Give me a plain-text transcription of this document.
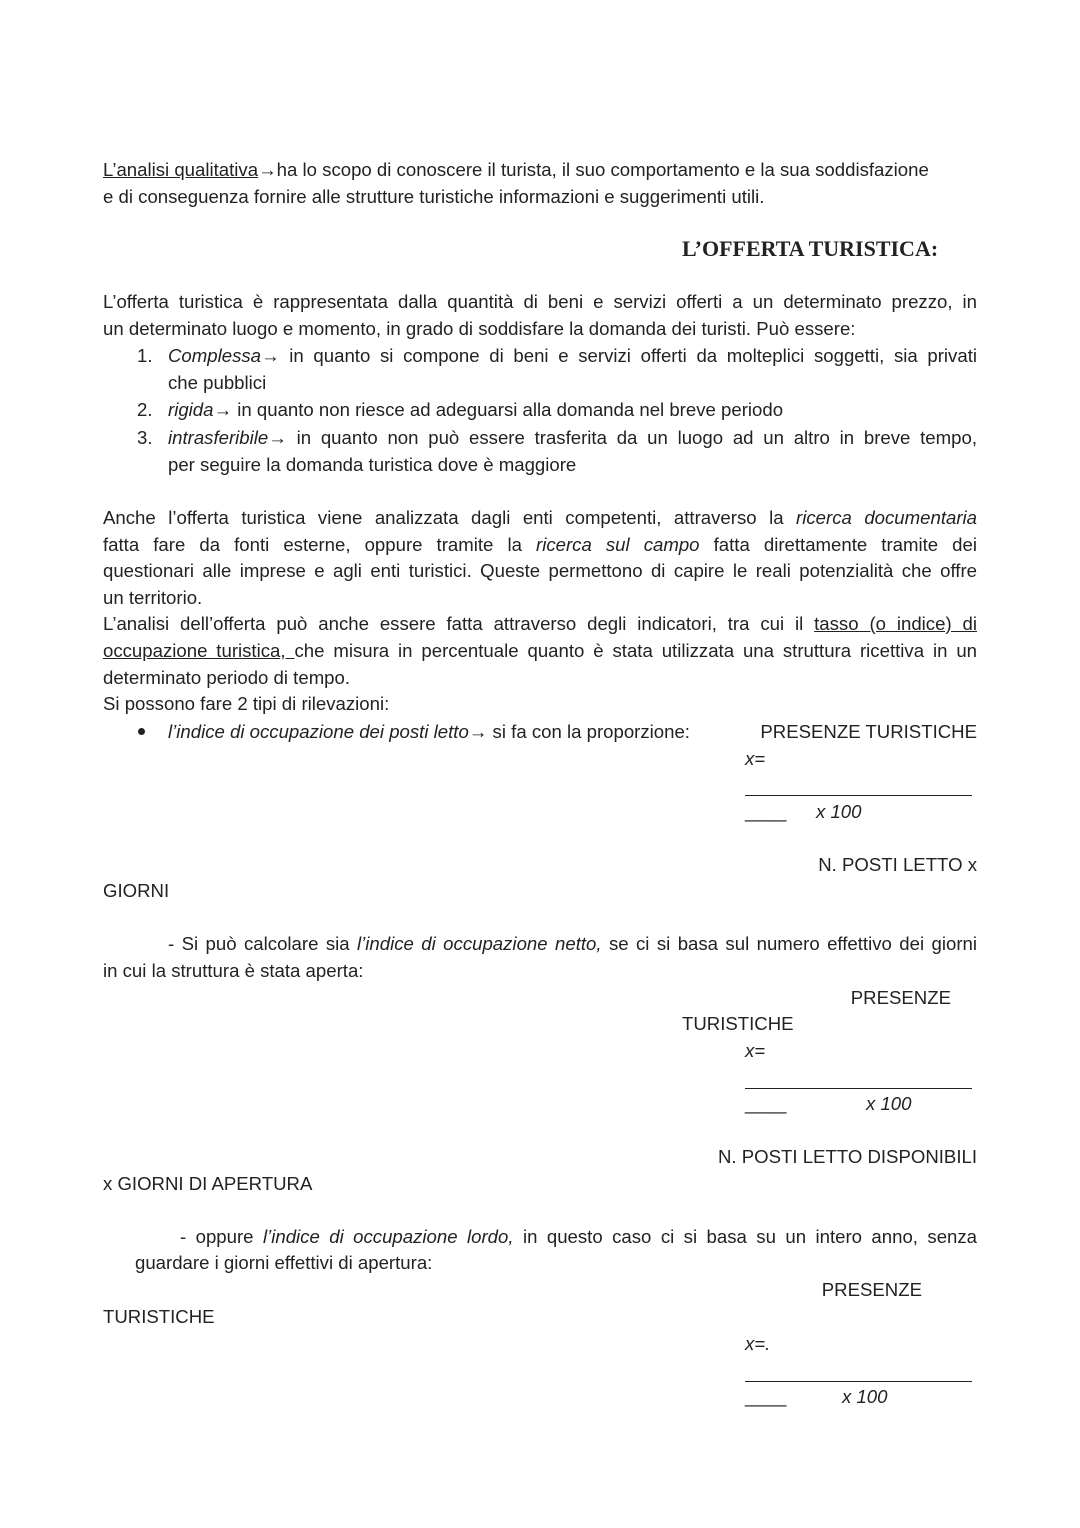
L’OFFERTA TURISTICA:
L’analisi qualitativa→ha lo scopo di conoscere il turista, il suo comportamento e la sua soddisfazione
e di conseguenza fornire alle strutture turistiche informazioni e suggerimenti utili.
L’offerta turistica è rappresentata dalla quantità di beni e servizi offerti a un determinato prezzo, in
un determinato luogo e momento, in grado di soddisfare la domanda dei turisti. Può essere:
1. Complessa→ in quanto si compone di beni e servizi offerti da molteplici soggetti, sia privati
che pubblici
2. rigida→ in quanto non riesce ad adeguarsi alla domanda nel breve periodo
3. intrasferibile→ in quanto non può essere trasferita da un luogo ad un altro in breve tempo,
per seguire la domanda turistica dove è maggiore
Anche l’offerta turistica viene analizzata dagli enti competenti, attraverso la ricerca documentaria
fatta fare da fonti esterne, oppure tramite la ricerca sul campo fatta direttamente tramite dei
questionari alle imprese e agli enti turistici. Queste permettono di capire le reali potenzialità che offre
un territorio.
L’analisi dell’offerta può anche essere fatta attraverso degli indicatori, tra cui il tasso (o indice) di
occupazione turistica, che misura in percentuale quanto è stata utilizzata una struttura ricettiva in un
determinato periodo di tempo.
Si possono fare 2 tipi di rilevazioni:
l’indice di occupazione dei posti letto→ si fa con la proporzione:	PRESENZE TURISTICHE
x=
____ x 100
N. POSTI LETTO x
GIORNI
- Si può calcolare sia l’indice di occupazione netto, se ci si basa sul numero effettivo dei giorni
in cui la struttura è stata aperta:
PRESENZE
TURISTICHE
x=
____	x 100
N. POSTI LETTO DISPONIBILI
x GIORNI DI APERTURA
- oppure l’indice di occupazione lordo, in questo caso ci si basa su un intero anno, senza
guardare i giorni effettivi di apertura:
PRESENZE
TURISTICHE
x=.
____	x 100
